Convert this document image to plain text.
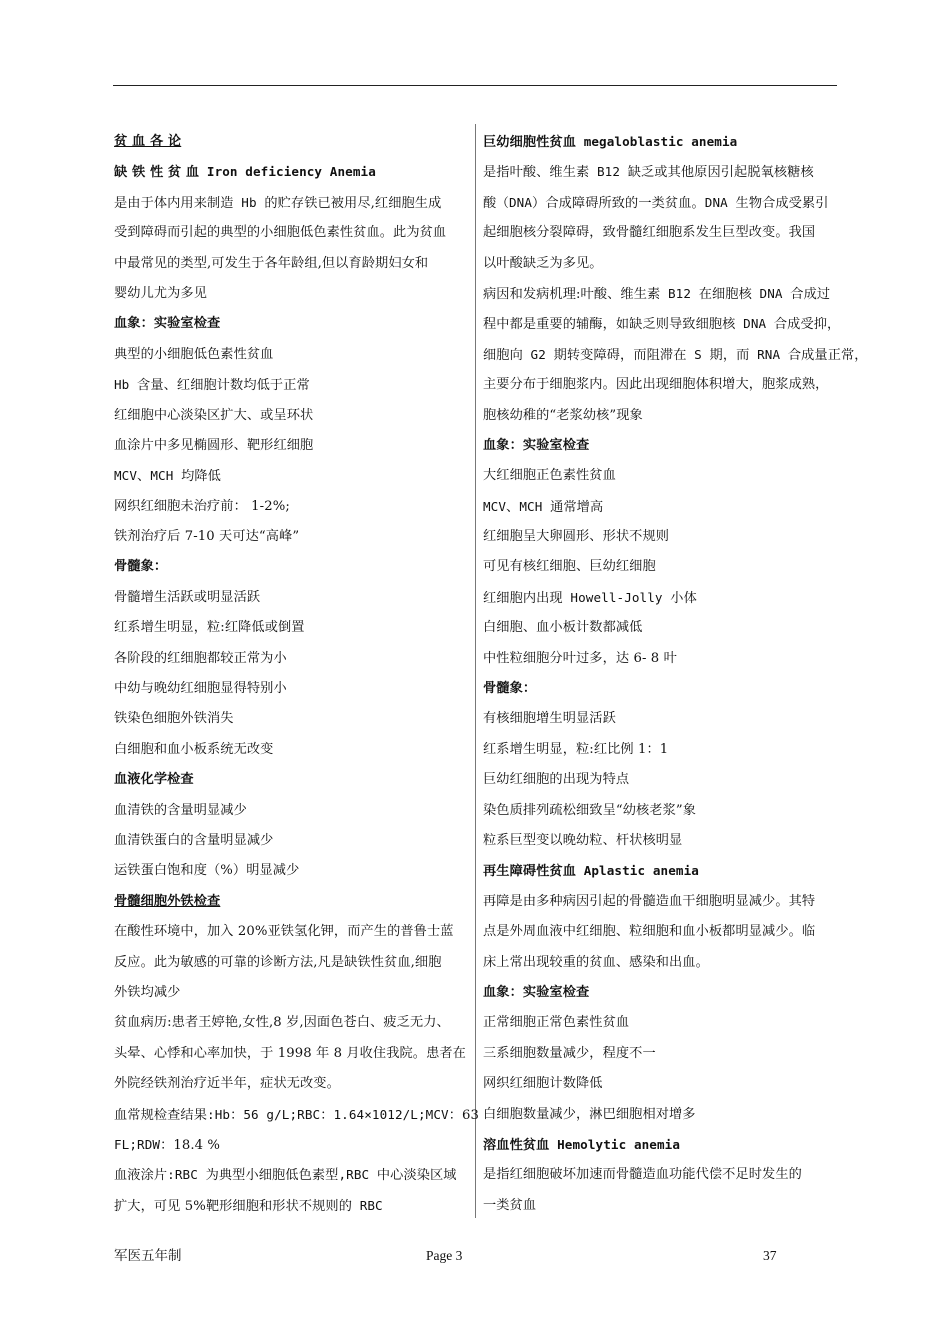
贫 血 各 论
缺 铁 性 贫 血 Iron deficiency Anemia
是由于体内用来制造 Hb 的贮存铁已被用尽,红细胞生成
受到障碍而引起的典型的小细胞低色素性贫血。此为贫血
中最常见的类型,可发生于各年龄组,但以育龄期妇女和
婴幼儿尤为多见
血象：实验室检查
典型的小细胞低色素性贫血
Hb 含量、红细胞计数均低于正常
红细胞中心淡染区扩大、或呈环状
血涂片中多见椭圆形、靶形红细胞
MCV、MCH 均降低
网织红细胞未治疗前： 1-2%;
铁剂治疗后 7-10 天可达“高峰”
骨髓象：
骨髓增生活跃或明显活跃
红系增生明显，粒:红降低或倒置
各阶段的红细胞都较正常为小
中幼与晚幼红细胞显得特别小
铁染色细胞外铁消失
白细胞和血小板系统无改变
血液化学检查
血清铁的含量明显减少
血清铁蛋白的含量明显减少
运铁蛋白饱和度（%）明显减少
骨髓细胞外铁检查
在酸性环境中，加入 20%亚铁氢化钾，而产生的普鲁士蓝
反应。此为敏感的可靠的诊断方法,凡是缺铁性贫血,细胞
外铁均减少
贫血病历:患者王婷艳,女性,8 岁,因面色苍白、疲乏无力、
头晕、心悸和心率加快，于 1998 年 8 月收住我院。患者在
外院经铁剂治疗近半年，症状无改变。
血常规检查结果:Hb：56 g/L;RBC：1.64×1012/L;MCV：63
FL;RDW：18.4 %
血液涂片:RBC 为典型小细胞低色素型,RBC 中心淡染区域
扩大，可见 5%靶形细胞和形状不规则的 RBC
巨幼细胞性贫血 megaloblastic anemia
是指叶酸、维生素 B12 缺乏或其他原因引起脱氧核糖核
酸（DNA）合成障碍所致的一类贫血。DNA 生物合成受累引
起细胞核分裂障碍，致骨髓红细胞系发生巨型改变。我国
以叶酸缺乏为多见。
病因和发病机理:叶酸、维生素 B12 在细胞核 DNA 合成过
程中都是重要的辅酶，如缺乏则导致细胞核 DNA 合成受抑，
细胞向 G2 期转变障碍，而阻滞在 S 期，而 RNA 合成量正常，
主要分布于细胞浆内。因此出现细胞体积增大，胞浆成熟，
胞核幼稚的“老浆幼核”现象
血象：实验室检查
大红细胞正色素性贫血
MCV、MCH 通常增高
红细胞呈大卵圆形、形状不规则
可见有核红细胞、巨幼红细胞
红细胞内出现 Howell-Jolly 小体
白细胞、血小板计数都减低
中性粒细胞分叶过多，达 6- 8 叶
骨髓象：
有核细胞增生明显活跃
红系增生明显，粒:红比例 1：1
巨幼红细胞的出现为特点
染色质排列疏松细致呈“幼核老浆”象
粒系巨型变以晚幼粒、杆状核明显
再生障碍性贫血 Aplastic anemia
再障是由多种病因引起的骨髓造血干细胞明显减少。其特
点是外周血液中红细胞、粒细胞和血小板都明显减少。临
床上常出现较重的贫血、感染和出血。
血象：实验室检查
正常细胞正常色素性贫血
三系细胞数量减少，程度不一
网织红细胞计数降低
白细胞数量减少，淋巴细胞相对增多
溶血性贫血 Hemolytic anemia
是指红细胞破坏加速而骨髓造血功能代偿不足时发生的
一类贫血
军医五年制	Page 3	37
